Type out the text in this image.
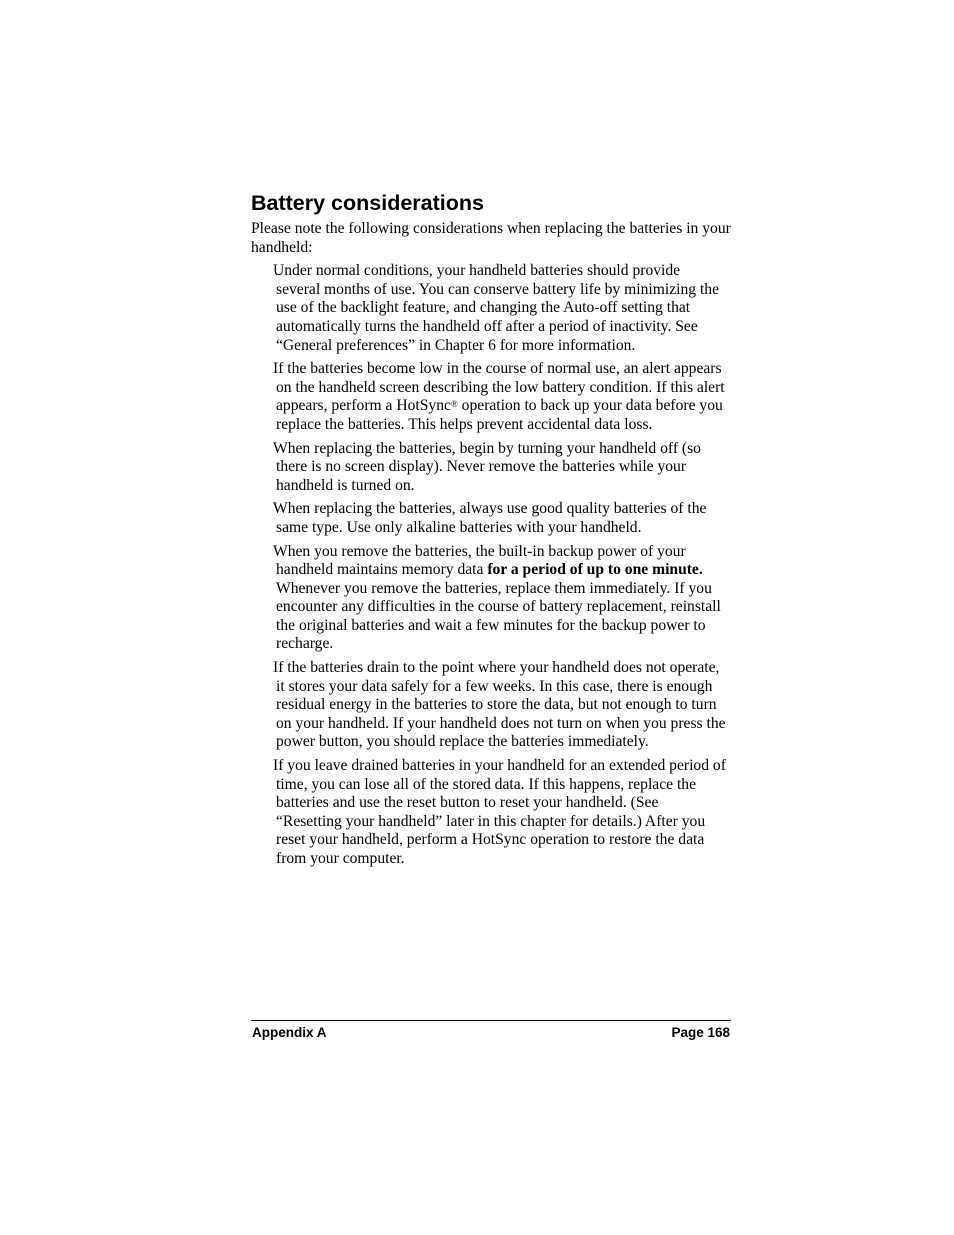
Battery considerations

Please note the following considerations when replacing the batteries in your handheld:

Under normal conditions, your handheld batteries should provide several months of use. You can conserve battery life by minimizing the use of the backlight feature, and changing the Auto-off setting that automatically turns the handheld off after a period of inactivity. See “General preferences” in Chapter 6 for more information.

If the batteries become low in the course of normal use, an alert appears on the handheld screen describing the low battery condition. If this alert appears, perform a HotSync® operation to back up your data before you replace the batteries. This helps prevent accidental data loss.

When replacing the batteries, begin by turning your handheld off (so there is no screen display). Never remove the batteries while your handheld is turned on.

When replacing the batteries, always use good quality batteries of the same type. Use only alkaline batteries with your handheld.

When you remove the batteries, the built-in backup power of your handheld maintains memory data for a period of up to one minute. Whenever you remove the batteries, replace them immediately. If you encounter any difficulties in the course of battery replacement, reinstall the original batteries and wait a few minutes for the backup power to recharge.

If the batteries drain to the point where your handheld does not operate, it stores your data safely for a few weeks. In this case, there is enough residual energy in the batteries to store the data, but not enough to turn on your handheld. If your handheld does not turn on when you press the power button, you should replace the batteries immediately.

If you leave drained batteries in your handheld for an extended period of time, you can lose all of the stored data. If this happens, replace the batteries and use the reset button to reset your handheld. (See “Resetting your handheld” later in this chapter for details.) After you reset your handheld, perform a HotSync operation to restore the data from your computer.

Appendix A	Page 168
